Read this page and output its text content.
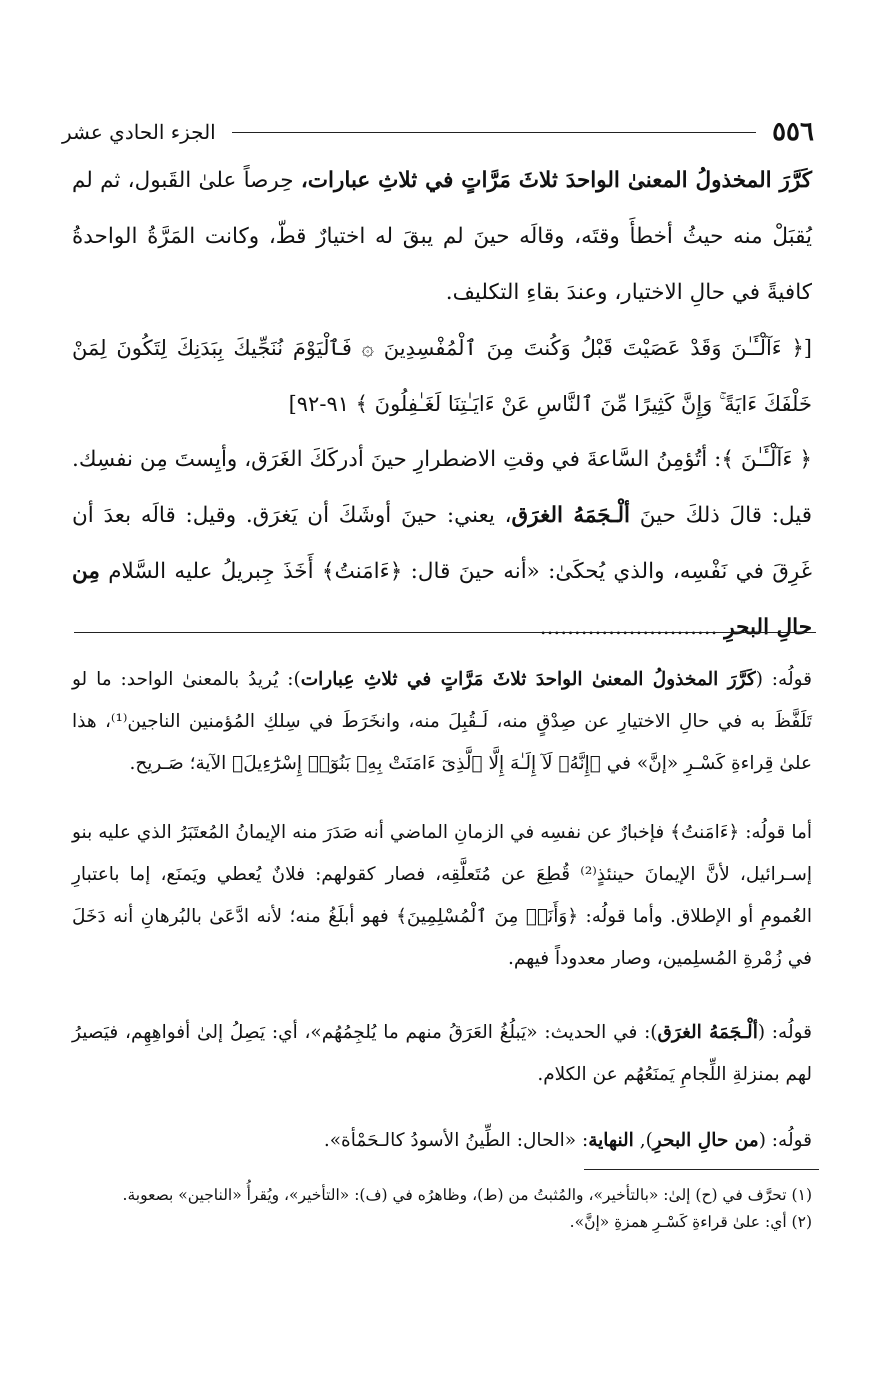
٥٥٦
الجزء الحادي عشر

كَرَّرَ المخذولُ المعنىٰ الواحدَ ثلاثَ مَرَّاتٍ في ثلاثِ عبارات، حِرصاً علىٰ القَبول، ثم لم يُقبَلْ منه حيثُ أخطأَ وقتَه، وقالَه حينَ لم يبقَ له اختيارٌ قطّ، وكانت المَرَّةُ الواحدةُ كافيةً في حالِ الاختيار، وعندَ بقاءِ التكليف.

[﴿ ءَآلْـَٔـٰنَ وَقَدْ عَصَيْتَ قَبْلُ وَكُنتَ مِنَ ٱلْمُفْسِدِينَ ۞ فَٱلْيَوْمَ نُنَجِّيكَ بِبَدَنِكَ لِتَكُونَ لِمَنْ خَلْفَكَ ءَايَةً ۚ وَإِنَّ كَثِيرًا مِّنَ ٱلنَّاسِ عَنْ ءَايَـٰتِنَا لَغَـٰفِلُونَ ﴾ ٩١-٩٢]

﴿ ءَآلْـَٔـٰنَ ﴾: أتُؤمِنُ السَّاعةَ في وقتِ الاضطرارِ حينَ أدركَكَ الغَرَق، وأيِستَ مِن نفسِك. قيل: قالَ ذلكَ حينَ ألْـجَمَهُ الغرَق، يعني: حينَ أوشَكَ أن يَغرَق. وقيل: قالَه بعدَ أن غَرِقَ في نَفْسِه، والذي يُحكَىٰ: «أنه حينَ قال: ﴿ءَامَنتُ﴾ أَخَذَ جِبريلُ عليه السَّلام مِن حالِ البحرِ ..........................

قولُه: (كَرَّرَ المخذولُ المعنىٰ الواحدَ ثلاثَ مَرَّاتٍ في ثلاثِ عِبارات): يُريدُ بالمعنىٰ الواحد: ما لو تَلَفَّظَ به في حالِ الاختيارِ عن صِدْقٍ منه، لَـقُبِلَ منه، وانخَرَطَ في سِلكِ المُؤمنين الناجين⁽¹⁾، هذا علىٰ قِراءةِ كَسْـرِ «إنَّ» في ﴿إِنَّهُۥ لَآ إِلَـٰهَ إِلَّا ٱلَّذِىٓ ءَامَنَتْ بِهِۦ بَنُوٓا۟ إِسْرَٰٓءِيلَ﴾ الآية؛ صَـريح.

أما قولُه: ﴿ءَامَنتُ﴾ فإخبارٌ عن نفسِه في الزمانِ الماضي أنه صَدَرَ منه الإيمانُ المُعتَبَرُ الذي عليه بنو إسـرائيل، لأنَّ الإيمانَ حينئذٍ⁽²⁾ قُطِعَ عن مُتَعلَّقِه، فصار كقولهم: فلانٌ يُعطي ويَمنَع، إما باعتبارِ العُمومِ أو الإطلاق. وأما قولُه: ﴿وَأَنَا۠ مِنَ ٱلْمُسْلِمِينَ﴾ فهو أبلَغُ منه؛ لأنه ادَّعَىٰ بالبُرهانِ أنه دَخَلَ في زُمْرةِ المُسلِمين، وصار معدوداً فيهم.

قولُه: (ألْـجَمَهُ الغرَق): في الحديث: «يَبلُغُ العَرَقُ منهم ما يُلجِمُهُم»، أي: يَصِلُ إلىٰ أفواهِهِم، فيَصيرُ لهم بمنزلةِ اللِّجامِ يَمنَعُهُم عن الكلام.

قولُه: (من حالِ البحرِ), النهاية: «الحال: الطِّينُ الأسودُ كالـحَمْأة».

(١) تحرَّف في (ح) إلىٰ: «بالتأخير»، والمُثبتُ من (ط)، وظاهرُه في (ف): «التأخير»، ويُقرأُ «الناجين» بصعوبة.

(٢) أي: علىٰ قراءةِ كَسْـرِ همزةِ «إنَّ».
